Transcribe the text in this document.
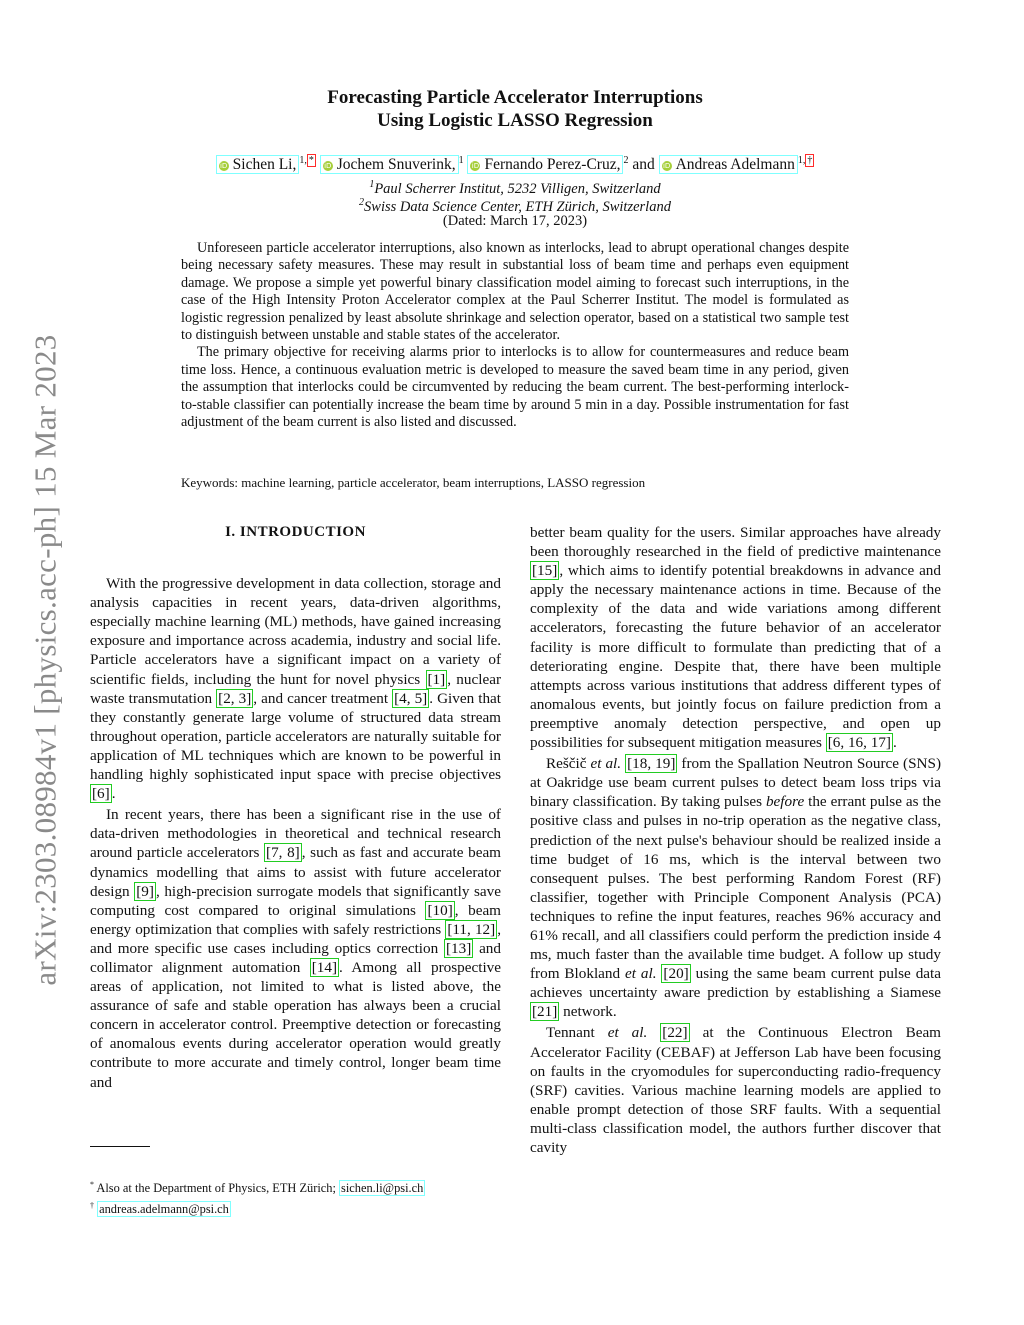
arXiv:2303.08984v1 [physics.acc-ph] 15 Mar 2023
Forecasting Particle Accelerator Interruptions
Using Logistic LASSO Regression
iD Sichen Li, $^{1,}$ * iD Jochem Snuverink, $^1$ iD Fernando Perez-Cruz, $^2$ and iD Andreas Adelmann $^{1,}$ †
$^1$Paul Scherrer Institut, 5232 Villigen, Switzerland
$^2$Swiss Data Science Center, ETH Zürich, Switzerland
(Dated: March 17, 2023)

Unforeseen particle accelerator interruptions, also known as interlocks, lead to abrupt operational changes despite being necessary safety measures. These may result in substantial loss of beam time and perhaps even equipment damage. We propose a simple yet powerful binary classification model aiming to forecast such interruptions, in the case of the High Intensity Proton Accelerator complex at the Paul Scherrer Institut. The model is formulated as logistic regression penalized by least absolute shrinkage and selection operator, based on a statistical two sample test to distinguish between unstable and stable states of the accelerator.

The primary objective for receiving alarms prior to interlocks is to allow for countermeasures and reduce beam time loss. Hence, a continuous evaluation metric is developed to measure the saved beam time in any period, given the assumption that interlocks could be circumvented by reducing the beam current. The best-performing interlock-to-stable classifier can potentially increase the beam time by around 5 min in a day. Possible instrumentation for fast adjustment of the beam current is also listed and discussed.

Keywords: machine learning, particle accelerator, beam interruptions, LASSO regression
I. INTRODUCTION

With the progressive development in data collection, storage and analysis capacities in recent years, data-driven algorithms, especially machine learning (ML) methods, have gained increasing exposure and importance across academia, industry and social life. Particle accelerators have a significant impact on a variety of scientific fields, including the hunt for novel physics [1] , nuclear waste transmutation [2, 3] , and cancer treatment [4, 5] . Given that they constantly generate large volume of structured data stream throughout operation, particle accelerators are naturally suitable for application of ML techniques which are known to be powerful in handling highly sophisticated input space with precise objectives [6] .

In recent years, there has been a significant rise in the use of data-driven methodologies in theoretical and technical research around particle accelerators [7, 8] , such as fast and accurate beam dynamics modelling that aims to assist with future accelerator design [9] , high-precision surrogate models that significantly save computing cost compared to original simulations [10] , beam energy optimization that complies with safely restrictions [11, 12] , and more specific use cases including optics correction [13] and collimator alignment automation [14] . Among all prospective areas of application, not limited to what is listed above, the assurance of safe and stable operation has always been a crucial concern in accelerator control. Preemptive detection or forecasting of anomalous events during accelerator operation would greatly contribute to more accurate and timely control, longer beam time and

better beam quality for the users. Similar approaches have already been thoroughly researched in the field of predictive maintenance [15] , which aims to identify potential breakdowns in advance and apply the necessary maintenance actions in time. Because of the complexity of the data and wide variations among different accelerators, forecasting the future behavior of an accelerator facility is more difficult to formulate than predicting that of a deteriorating engine. Despite that, there have been multiple attempts across various institutions that address different types of anomalous events, but jointly focus on failure prediction from a preemptive anomaly detection perspective, and open up possibilities for subsequent mitigation measures [6, 16, 17] .

Reščič et al. [18, 19] from the Spallation Neutron Source (SNS) at Oakridge use beam current pulses to detect beam loss trips via binary classification. By taking pulses before the errant pulse as the positive class and pulses in no-trip operation as the negative class, prediction of the next pulse's behaviour should be realized inside a time budget of 16 ms, which is the interval between two consequent pulses. The best performing Random Forest (RF) classifier, together with Principle Component Analysis (PCA) techniques to refine the input features, reaches 96% accuracy and 61% recall, and all classifiers could perform the prediction inside 4 ms, much faster than the available time budget. A follow up study from Blokland et al. [20] using the same beam current pulse data achieves uncertainty aware prediction by establishing a Siamese [21] network.

Tennant et al. [22] at the Continuous Electron Beam Accelerator Facility (CEBAF) at Jefferson Lab have been focusing on faults in the cryomodules for superconducting radio-frequency (SRF) cavities. Various machine learning models are applied to enable prompt detection of those SRF faults. With a sequential multi-class classification model, the authors further discover that cavity

* Also at the Department of Physics, ETH Zürich; sichen.li@psi.ch
† andreas.adelmann@psi.ch
